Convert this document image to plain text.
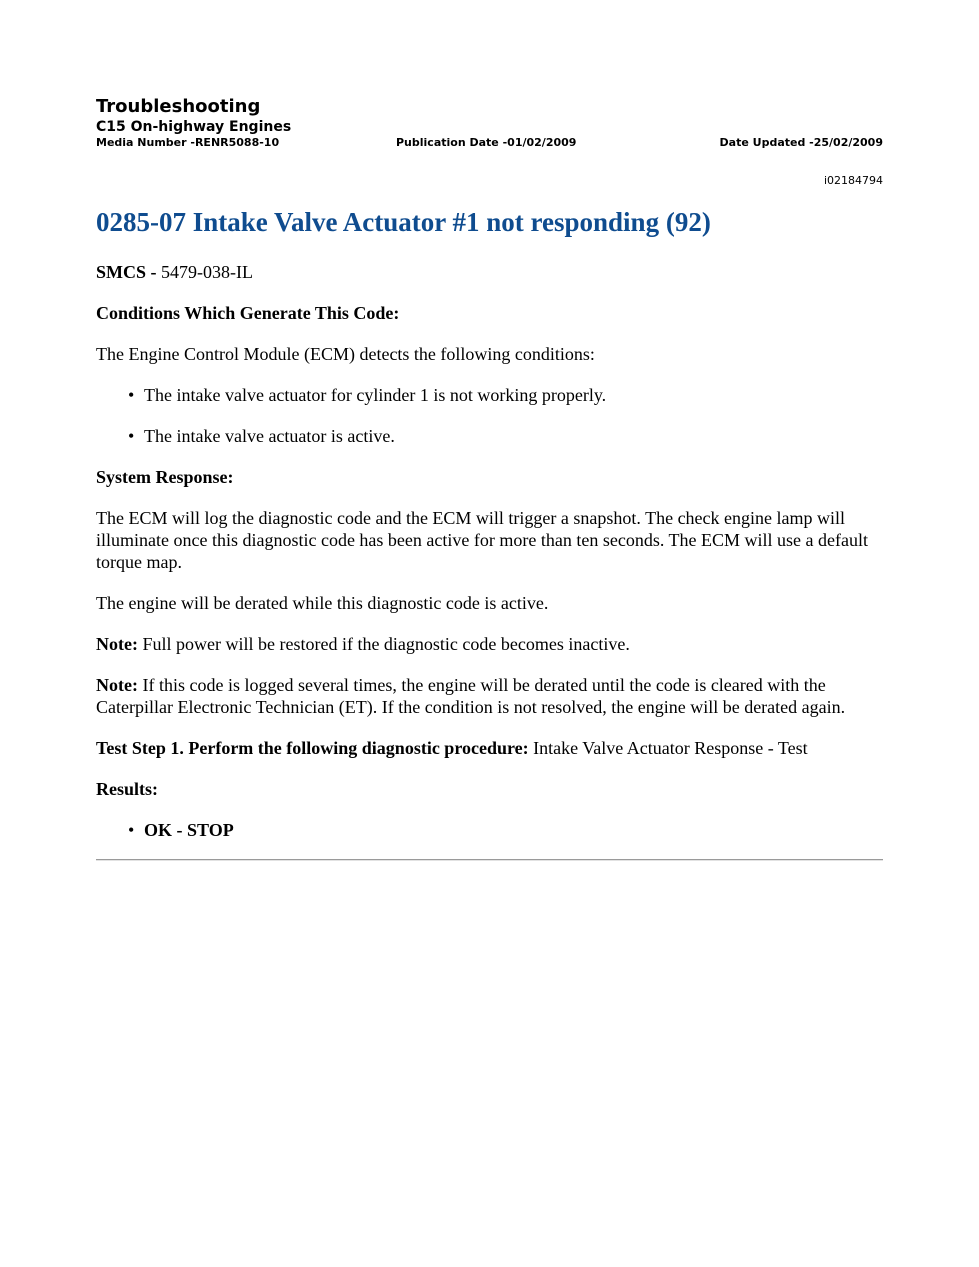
Troubleshooting
C15 On-highway Engines
Media Number -RENR5088-10	Publication Date -01/02/2009	Date Updated -25/02/2009
i02184794
0285-07 Intake Valve Actuator #1 not responding (92)

SMCS - 5479-038-IL

Conditions Which Generate This Code:

The Engine Control Module (ECM) detects the following conditions:

• The intake valve actuator for cylinder 1 is not working properly.
• The intake valve actuator is active.

System Response:

The ECM will log the diagnostic code and the ECM will trigger a snapshot. The check engine lamp will illuminate once this diagnostic code has been active for more than ten seconds. The ECM will use a default torque map.

The engine will be derated while this diagnostic code is active.

Note: Full power will be restored if the diagnostic code becomes inactive.

Note: If this code is logged several times, the engine will be derated until the code is cleared with the Caterpillar Electronic Technician (ET). If the condition is not resolved, the engine will be derated again.

Test Step 1. Perform the following diagnostic procedure: Intake Valve Actuator Response - Test

Results:

• OK - STOP
